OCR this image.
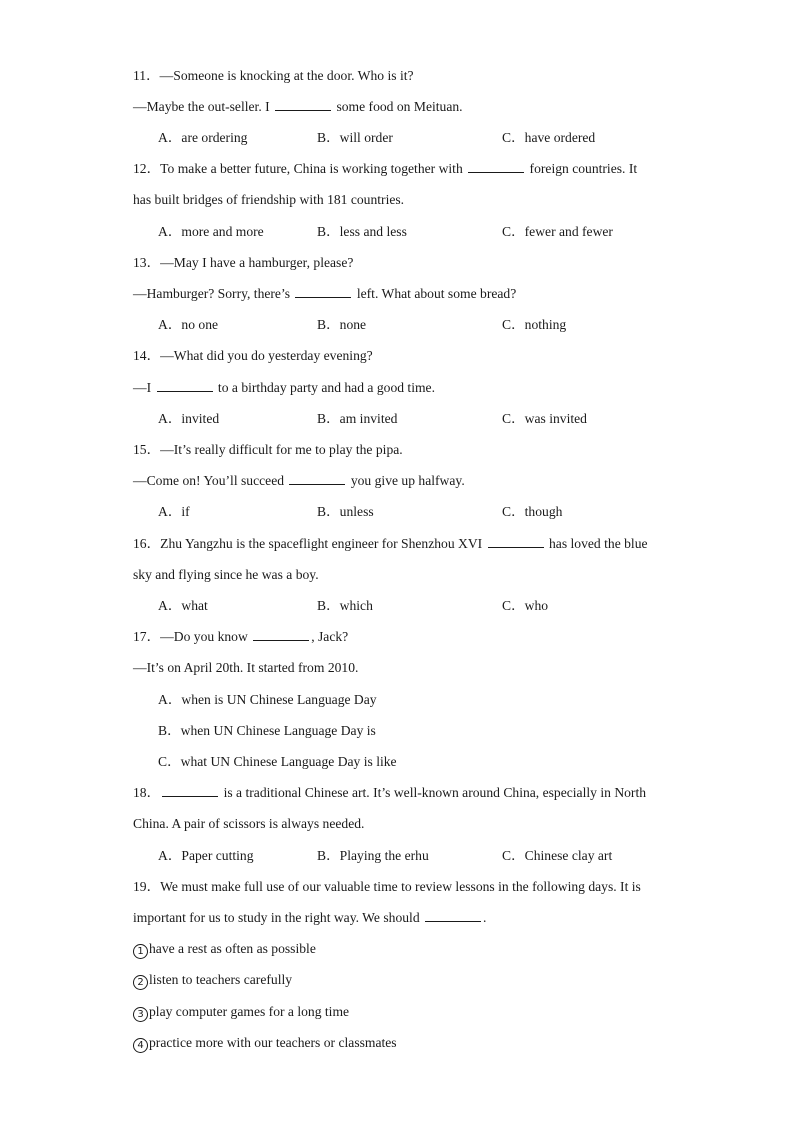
11．—Someone is knocking at the door. Who is it?
—Maybe the out-seller. I	some food on Meituan.
A．are ordering	B．will order	C．have ordered
12．To make a better future, China is working together with	foreign countries. It
has built bridges of friendship with 181 countries.
A．more and more	B．less and less	C．fewer and fewer
13．—May I have a hamburger, please?
—Hamburger? Sorry, there’s	left. What about some bread?
A．no one	B．none	C．nothing
14．—What did you do yesterday evening?
—I	to a birthday party and had a good time.
A．invited	B．am invited	C．was invited
15．—It’s really difficult for me to play the pipa.
—Come on! You’ll succeed	you give up halfway.
A．if	B．unless	C．though
16．Zhu Yangzhu is the spaceflight engineer for Shenzhou XVI	has loved the blue
sky and flying since he was a boy.
A．what	B．which	C．who
17．—Do you know	, Jack?
—It’s on April 20th. It started from 2010.
A．when is UN Chinese Language Day
B．when UN Chinese Language Day is
C．what UN Chinese Language Day is like
18．	is a traditional Chinese art. It’s well-known around China, especially in North
China. A pair of scissors is always needed.
A．Paper cutting	B．Playing the erhu	C．Chinese clay art
19．We must make full use of our valuable time to review lessons in the following days. It is
important for us to study in the right way. We should	.
1 have a rest as often as possible
2 listen to teachers carefully
3 play computer games for a long time
4 practice more with our teachers or classmates
